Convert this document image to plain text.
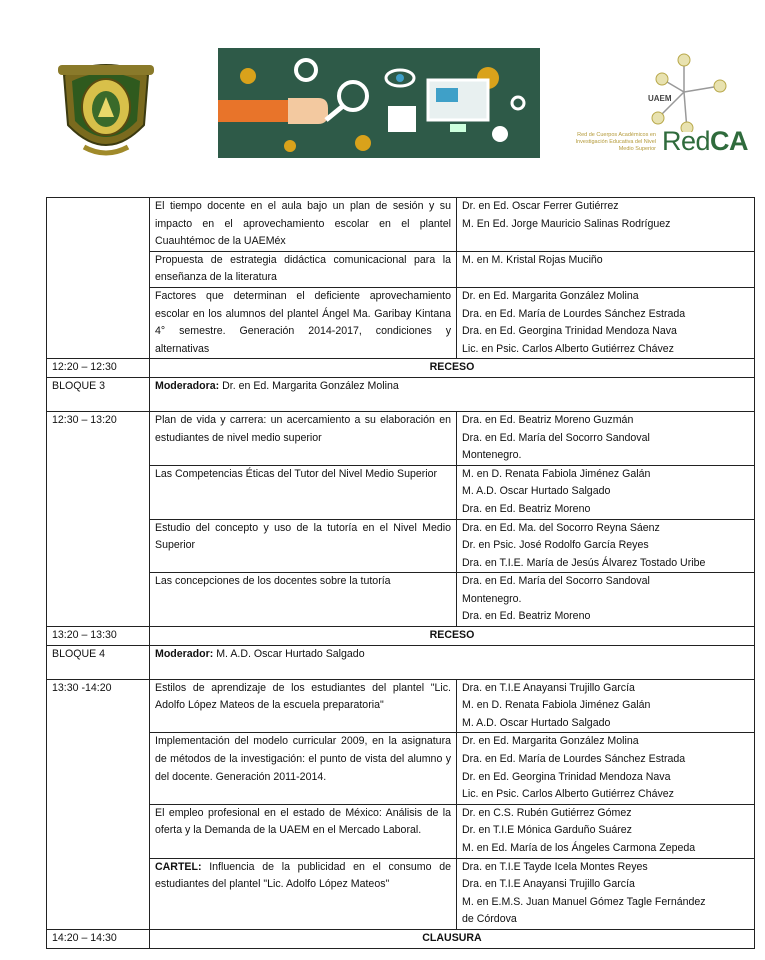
UAEM
Red de Cuerpos Académicos en Investigación Educativa del Nivel Medio Superior RedCA
	El tiempo docente en el aula bajo un plan de sesión y su impacto en el aprovechamiento escolar en el plantel Cuauhtémoc de la UAEMéx	Dr. en Ed. Oscar Ferrer Gutiérrez
M. En Ed. Jorge Mauricio Salinas Rodríguez

	Propuesta de estrategia didáctica comunicacional para la enseñanza de la literatura	M. en M. Kristal Rojas Muciño

	Factores que determinan el deficiente aprovechamiento escolar en los alumnos del plantel Ángel Ma. Garibay Kintana 4° semestre. Generación 2014-2017, condiciones y alternativas	Dr. en Ed. Margarita González Molina
Dra. en Ed. María de Lourdes Sánchez Estrada
Dra. en Ed. Georgina Trinidad Mendoza Nava
Lic. en Psic. Carlos Alberto Gutiérrez Chávez

12:20 – 12:30	RECESO	
BLOQUE 3	Moderadora: Dr. en Ed. Margarita González Molina	
12:30 – 13:20	Plan de vida y carrera: un acercamiento a su elaboración en estudiantes de nivel medio superior	Dra. en Ed. Beatriz Moreno Guzmán
Dra. en Ed. María del Socorro Sandoval
Montenegro.

	Las Competencias Éticas del Tutor del Nivel Medio Superior	M. en D. Renata Fabiola Jiménez Galán
M. A.D. Oscar Hurtado Salgado
Dra. en Ed. Beatriz Moreno

	Estudio del concepto y uso de la tutoría en el Nivel Medio Superior	Dra. en Ed. Ma. del Socorro Reyna Sáenz
Dr. en Psic. José Rodolfo García Reyes
Dra. en T.I.E. María de Jesús Álvarez Tostado Uribe

	Las concepciones de los docentes sobre la tutoría	Dra. en Ed. María del Socorro Sandoval
Montenegro.
Dra. en Ed. Beatriz Moreno

13:20 – 13:30	RECESO	
BLOQUE 4	Moderador: M. A.D. Oscar Hurtado Salgado	
13:30 -14:20	Estilos de aprendizaje de los estudiantes del plantel "Lic. Adolfo López Mateos de la escuela preparatoria"	Dra. en T.I.E Anayansi Trujillo García
M. en D. Renata Fabiola Jiménez Galán
M. A.D. Oscar Hurtado Salgado

	Implementación del modelo curricular 2009, en la asignatura de métodos de la investigación: el punto de vista del alumno y del docente. Generación 2011-2014.	Dr. en Ed. Margarita González Molina
Dra. en Ed. María de Lourdes Sánchez Estrada
Dr. en Ed. Georgina Trinidad Mendoza Nava
Lic. en Psic. Carlos Alberto Gutiérrez Chávez

	El empleo profesional en el estado de México: Análisis de la oferta y la Demanda de la UAEM en el Mercado Laboral.	Dr. en C.S. Rubén Gutiérrez Gómez
Dr. en T.I.E Mónica Garduño Suárez
M. en Ed. María de los Ángeles Carmona Zepeda

	CARTEL: Influencia de la publicidad en el consumo de estudiantes del plantel "Lic. Adolfo López Mateos"	Dra. en T.I.E Tayde Icela Montes Reyes
Dra. en T.I.E Anayansi Trujillo García
M. en E.M.S. Juan Manuel Gómez Tagle Fernández
de Córdova

14:20 – 14:30	CLAUSURA	
